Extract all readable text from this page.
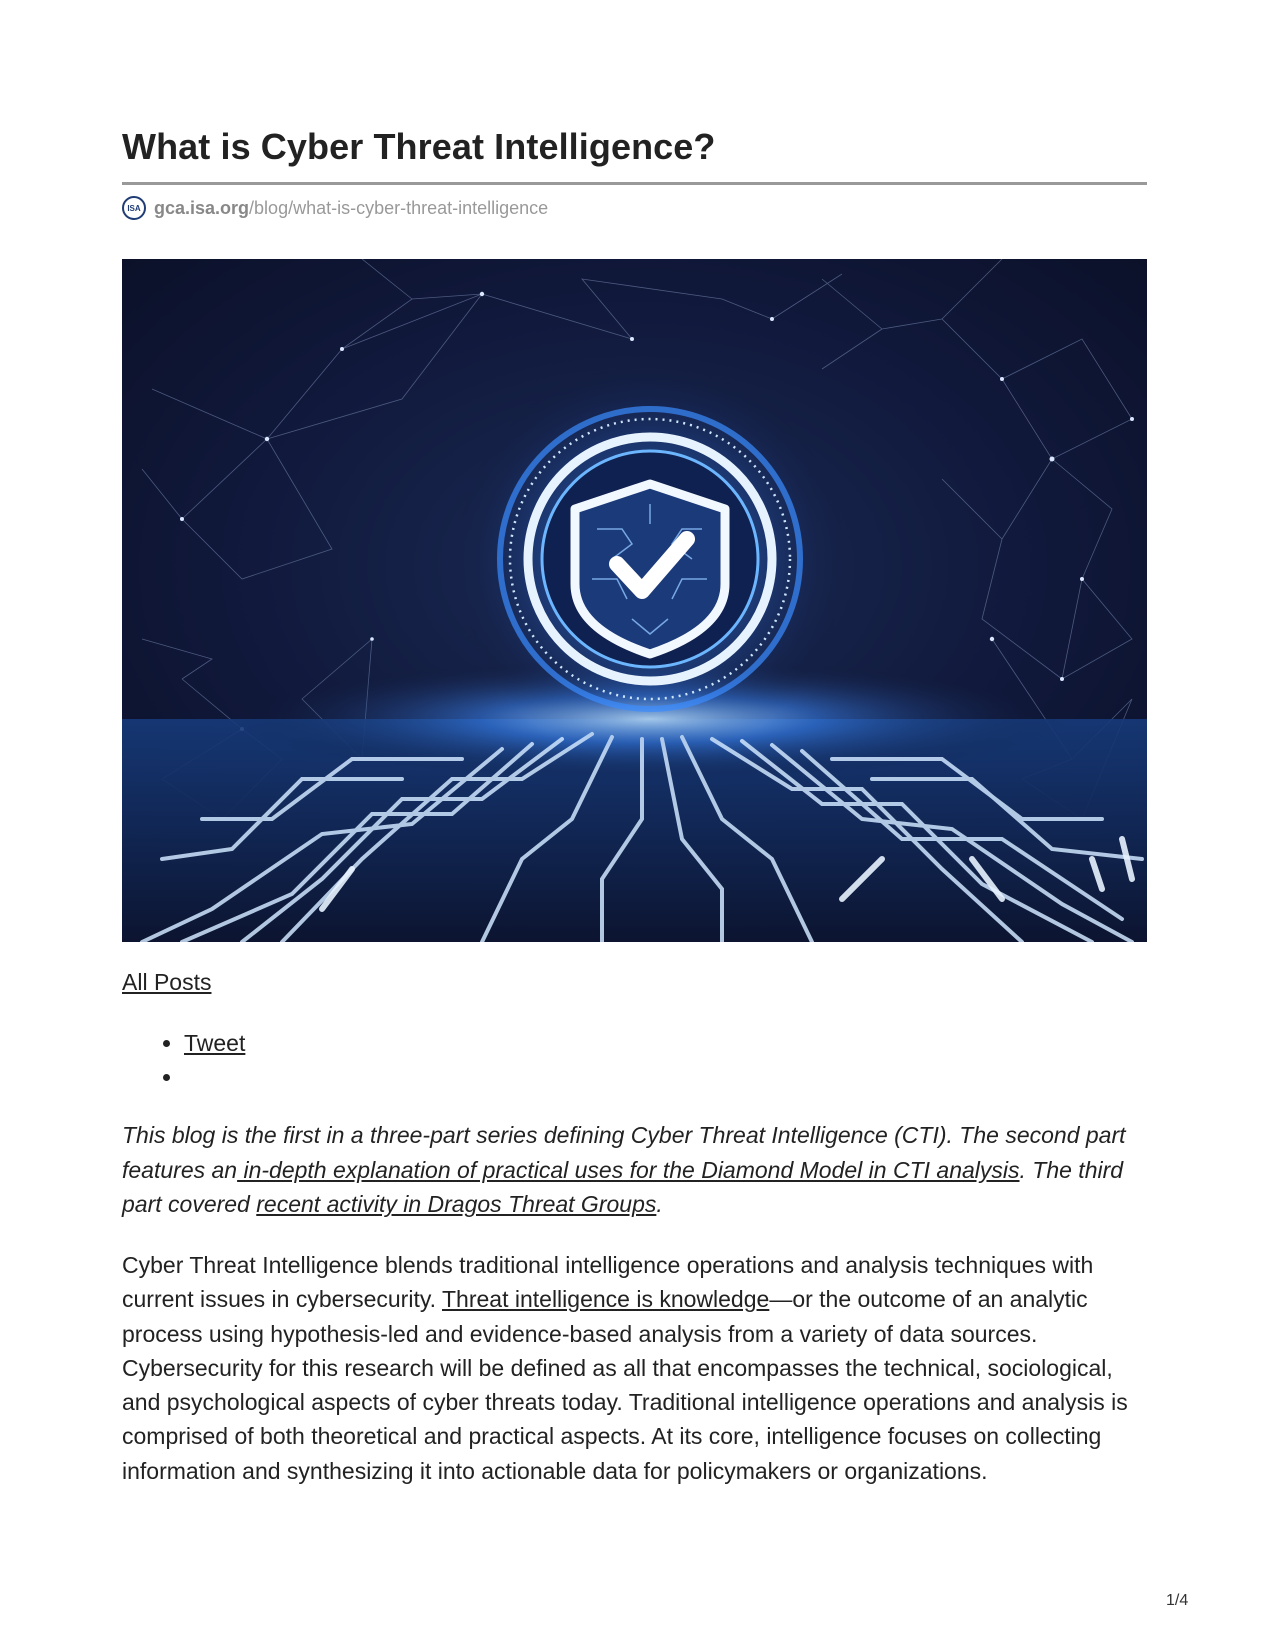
What is Cyber Threat Intelligence?
ISA gca.isa.org /blog/what-is-cyber-threat-intelligence
All Posts
• Tweet
•

This blog is the first in a three-part series defining Cyber Threat Intelligence (CTI). The second part features an in-depth explanation of practical uses for the Diamond Model in CTI analysis. The third part covered recent activity in Dragos Threat Groups.

Cyber Threat Intelligence blends traditional intelligence operations and analysis techniques with current issues in cybersecurity. Threat intelligence is knowledge—or the outcome of an analytic process using hypothesis-led and evidence-based analysis from a variety of data sources. Cybersecurity for this research will be defined as all that encompasses the technical, sociological, and psychological aspects of cyber threats today. Traditional intelligence operations and analysis is comprised of both theoretical and practical aspects. At its core, intelligence focuses on collecting information and synthesizing it into actionable data for policymakers or organizations.

1/4
